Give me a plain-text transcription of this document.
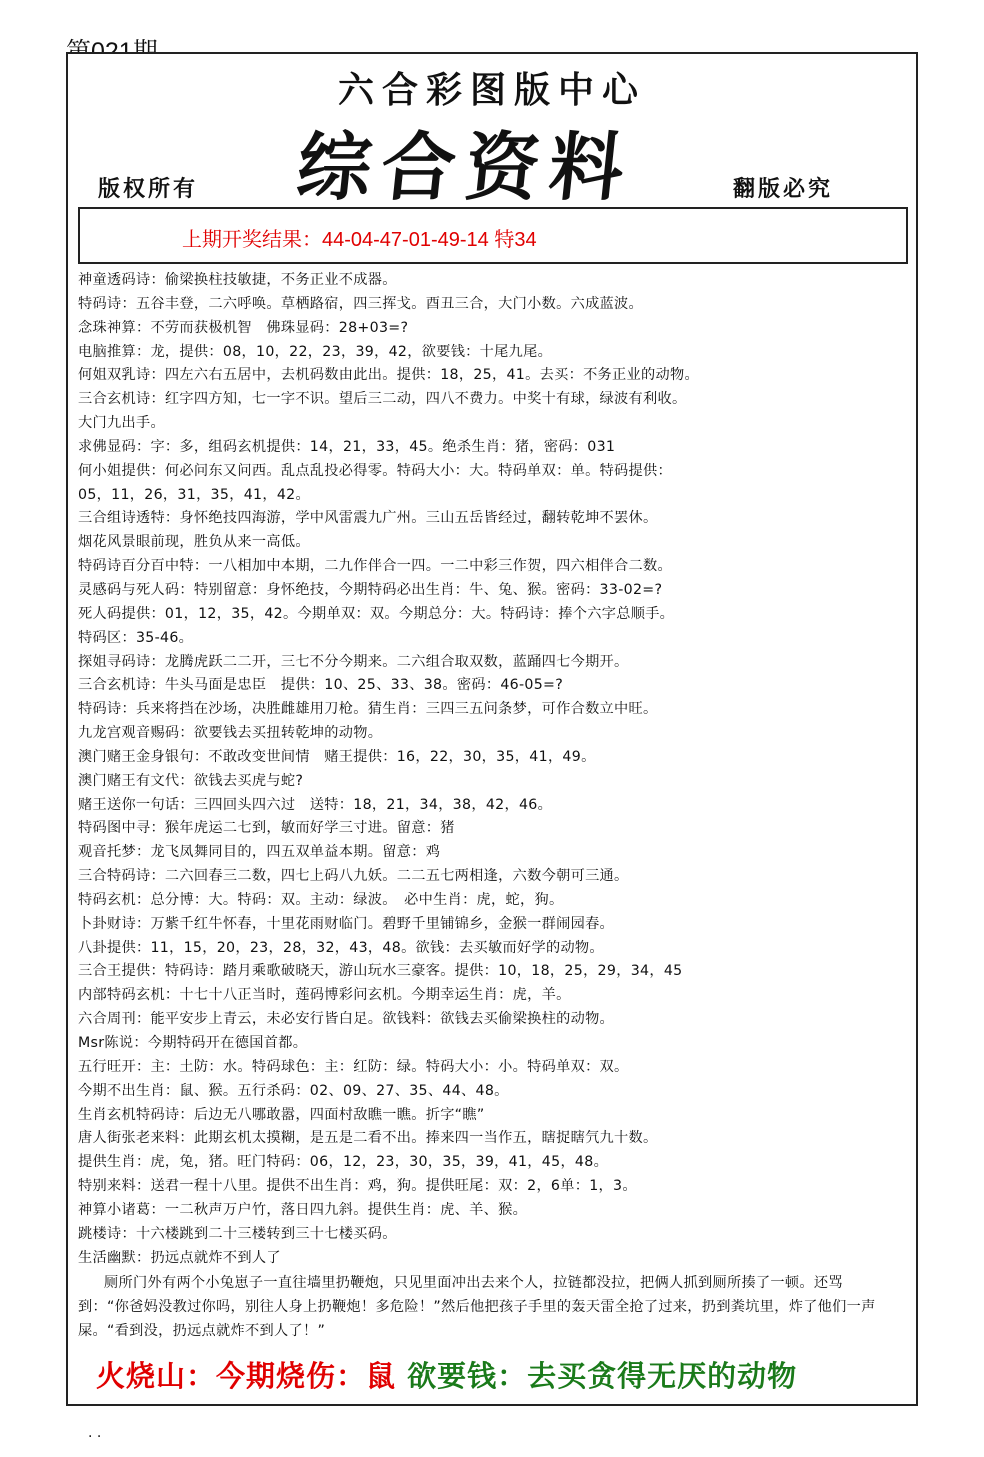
六合彩图版中心
综合资料
版权所有	翻版必究
上期开奖结果：44-04-47-01-49-14 特34
神童透码诗：偷梁换柱技敏捷，不务正业不成器。
特码诗：五谷丰登，二六呼唤。草栖路宿，四三挥戈。酉丑三合，大门小数。六成蓝波。
念珠神算：不劳而获极机智　佛珠显码：28+03=?
电脑推算：龙，提供：08，10，22，23，39，42，欲要钱：十尾九尾。
何姐双乳诗：四左六右五居中，去机码数由此出。提供：18，25，41。去买：不务正业的动物。
三合玄机诗：红字四方知，七一字不识。望后三二动，四八不费力。中奖十有球，绿波有利收。
大门九出手。
求佛显码：字：多，组码玄机提供：14，21，33，45。绝杀生肖：猪，密码：031
何小姐提供：何必问东又问西。乱点乱投必得零。特码大小：大。特码单双：单。特码提供：
05，11，26，31，35，41，42。
三合组诗透特：身怀绝技四海游，学中风雷震九广州。三山五岳皆经过，翻转乾坤不罢休。
烟花风景眼前现，胜负从来一高低。
特码诗百分百中特：一八相加中本期，二九作伴合一四。一二中彩三作贺，四六相伴合二数。
灵感码与死人码：特别留意：身怀绝技，今期特码必出生肖：牛、兔、猴。密码：33-02=?
死人码提供：01，12，35，42。今期单双：双。今期总分：大。特码诗：捧个六字总顺手。
特码区：35-46。
探姐寻码诗：龙腾虎跃二二开，三七不分今期来。二六组合取双数，蓝踊四七今期开。
三合玄机诗：牛头马面是忠臣　提供：10、25、33、38。密码：46-05=?
特码诗：兵来将挡在沙场，决胜雌雄用刀枪。猜生肖：三四三五问条梦，可作合数立中旺。
九龙宫观音赐码：欲要钱去买扭转乾坤的动物。
澳门赌王金身银句：不敢改变世间情　赌王提供：16，22，30，35，41，49。
澳门赌王有文代：欲钱去买虎与蛇?
赌王送你一句话：三四回头四六过　送特：18，21，34，38，42，46。
特码图中寻：猴年虎运二七到，敏而好学三寸进。留意：猪
观音托梦：龙飞凤舞同目的，四五双单益本期。留意：鸡
三合特码诗：二六回春三二数，四七上码八九妖。二二五七两相逢，六数今朝可三通。
特码玄机：总分博：大。特码：双。主动：绿波。　必中生肖：虎，蛇，狗。
卜卦财诗：万紫千红牛怀春，十里花雨财临门。碧野千里铺锦乡，金猴一群闹园春。
八卦提供：11，15，20，23，28，32，43，48。欲钱：去买敏而好学的动物。
三合王提供：特码诗：踏月乘歌破晓天，游山玩水三豪客。提供：10，18，25，29，34，45
内部特码玄机：十七十八正当时，莲码博彩问玄机。今期幸运生肖：虎，羊。
六合周刊：能平安步上青云，未必安行皆白足。欲钱料：欲钱去买偷梁换柱的动物。
Msr陈说：今期特码开在德国首都。
五行旺开：主：土防：水。特码球色：主：红防：绿。特码大小：小。特码单双：双。
今期不出生肖：鼠、猴。五行杀码：02、09、27、35、44、48。
生肖玄机特码诗：后边无八哪敢嚣，四面村敌瞧一瞧。折字“瞧”
唐人街张老来料：此期玄机太摸糊，是五是二看不出。捧来四一当作五，瞎捉瞎氕九十数。
提供生肖：虎，兔，猪。旺门特码：06，12，23，30，35，39，41，45，48。
特别来料：送君一程十八里。提供不出生肖：鸡，狗。提供旺尾：双：2，6单：1，3。
神算小诸葛：一二秋声万户竹，落日四九斜。提供生肖：虎、羊、猴。
跳楼诗：十六楼跳到二十三楼转到三十七楼买码。
生活幽默：扔远点就炸不到人了
厕所门外有两个小兔崽子一直往墙里扔鞭炮，只见里面冲出去来个人，拉链都没拉，把俩人抓到厕所揍了一顿。还骂到：“你爸妈没教过你吗，别往人身上扔鞭炮！多危险！”然后他把孩子手里的轰天雷全抢了过来，扔到粪坑里，炸了他们一声屎。“看到没，扔远点就炸不到人了！”
火烧山：今期烧伤：鼠 欲要钱：去买贪得无厌的动物
. .
